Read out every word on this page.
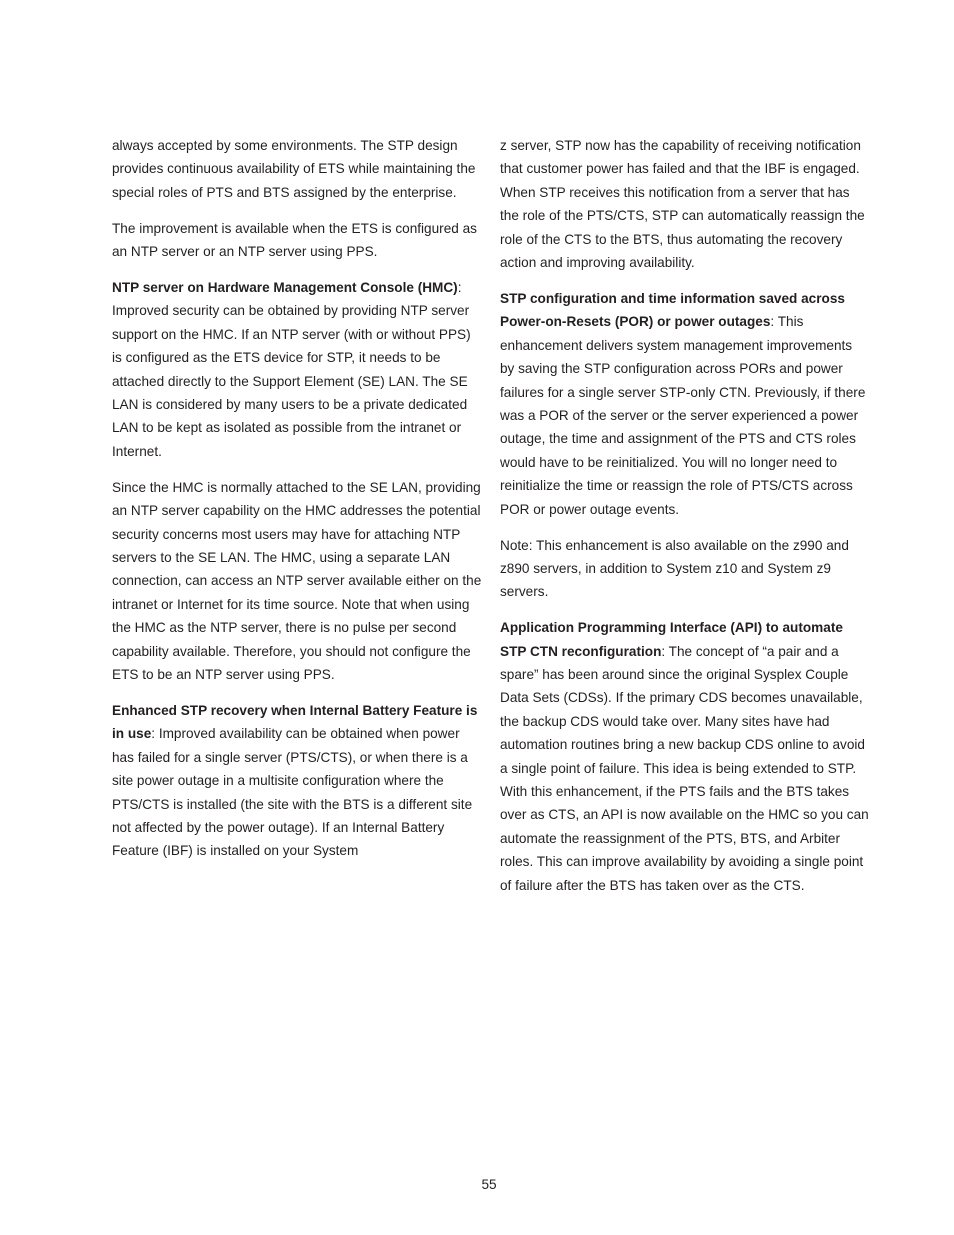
always accepted by some environments. The STP design provides continuous availability of ETS while maintaining the special roles of PTS and BTS assigned by the enterprise.

The improvement is available when the ETS is configured as an NTP server or an NTP server using PPS.

NTP server on Hardware Management Console (HMC): Improved security can be obtained by providing NTP server support on the HMC. If an NTP server (with or without PPS) is configured as the ETS device for STP, it needs to be attached directly to the Support Element (SE) LAN. The SE LAN is considered by many users to be a private dedicated LAN to be kept as isolated as possible from the intranet or Internet.

Since the HMC is normally attached to the SE LAN, providing an NTP server capability on the HMC addresses the potential security concerns most users may have for attaching NTP servers to the SE LAN. The HMC, using a separate LAN connection, can access an NTP server available either on the intranet or Internet for its time source. Note that when using the HMC as the NTP server, there is no pulse per second capability available. Therefore, you should not configure the ETS to be an NTP server using PPS.

Enhanced STP recovery when Internal Battery Feature is in use: Improved availability can be obtained when power has failed for a single server (PTS/CTS), or when there is a site power outage in a multisite configuration where the PTS/CTS is installed (the site with the BTS is a different site not affected by the power outage). If an Internal Battery Feature (IBF) is installed on your System

z server, STP now has the capability of receiving notification that customer power has failed and that the IBF is engaged. When STP receives this notification from a server that has the role of the PTS/CTS, STP can automatically reassign the role of the CTS to the BTS, thus automating the recovery action and improving availability.

STP configuration and time information saved across Power-on-Resets (POR) or power outages: This enhancement delivers system management improvements by saving the STP configuration across PORs and power failures for a single server STP-only CTN. Previously, if there was a POR of the server or the server experienced a power outage, the time and assignment of the PTS and CTS roles would have to be reinitialized. You will no longer need to reinitialize the time or reassign the role of PTS/CTS across POR or power outage events.

Note: This enhancement is also available on the z990 and z890 servers, in addition to System z10 and System z9 servers.

Application Programming Interface (API) to automate STP CTN reconfiguration: The concept of “a pair and a spare” has been around since the original Sysplex Couple Data Sets (CDSs). If the primary CDS becomes unavailable, the backup CDS would take over. Many sites have had automation routines bring a new backup CDS online to avoid a single point of failure. This idea is being extended to STP. With this enhancement, if the PTS fails and the BTS takes over as CTS, an API is now available on the HMC so you can automate the reassignment of the PTS, BTS, and Arbiter roles. This can improve availability by avoiding a single point of failure after the BTS has taken over as the CTS.

55
